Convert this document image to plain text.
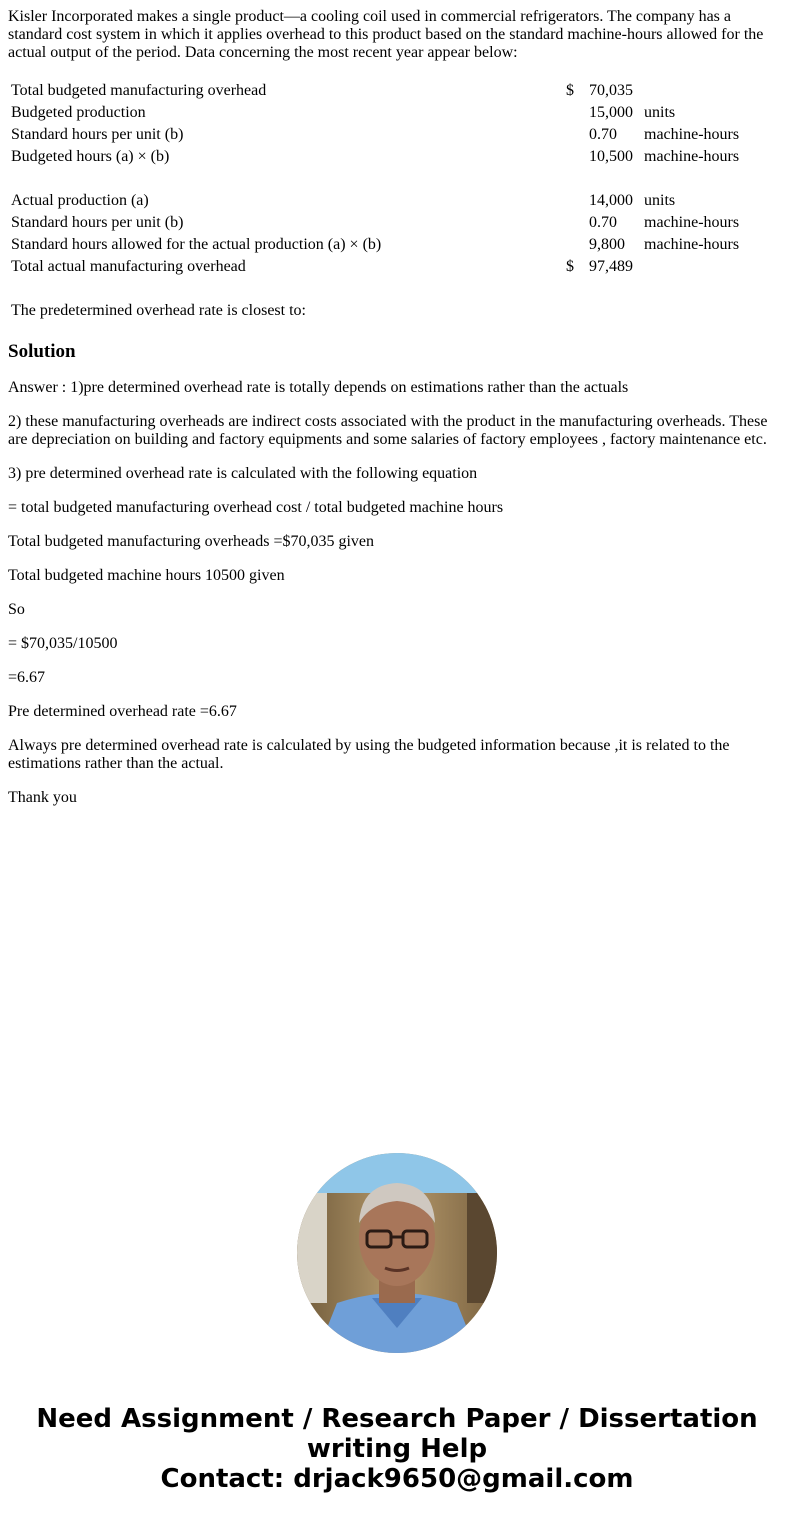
Kisler Incorporated makes a single product—a cooling coil used in commercial refrigerators. The company has a standard cost system in which it applies overhead to this product based on the standard machine-hours allowed for the actual output of the period. Data concerning the most recent year appear below:

Total budgeted manufacturing overhead	$	70,035	
Budgeted production		15,000	units
Standard hours per unit (b)		0.70	machine-hours
Budgeted hours (a) × (b)		10,500	machine-hours

Actual production (a)		14,000	units
Standard hours per unit (b)		0.70	machine-hours
Standard hours allowed for the actual production (a) × (b)		9,800	machine-hours
Total actual manufacturing overhead	$	97,489	

The predetermined overhead rate is closest to:

Solution

Answer : 1)pre determined overhead rate is totally depends on estimations rather than the actuals

2) these manufacturing overheads are indirect costs associated with the product in the manufacturing overheads. These are depreciation on building and factory equipments and some salaries of factory employees , factory maintenance etc.

3) pre determined overhead rate is calculated with the following equation

= total budgeted manufacturing overhead cost / total budgeted machine hours

Total budgeted manufacturing overheads =$70,035 given

Total budgeted machine hours 10500 given

So

= $70,035/10500

=6.67

Pre determined overhead rate =6.67

Always pre determined overhead rate is calculated by using the budgeted information because ,it is related to the estimations rather than the actual.

Thank you

Need Assignment / Research Paper / Dissertation
writing Help
Contact: drjack9650@gmail.com
